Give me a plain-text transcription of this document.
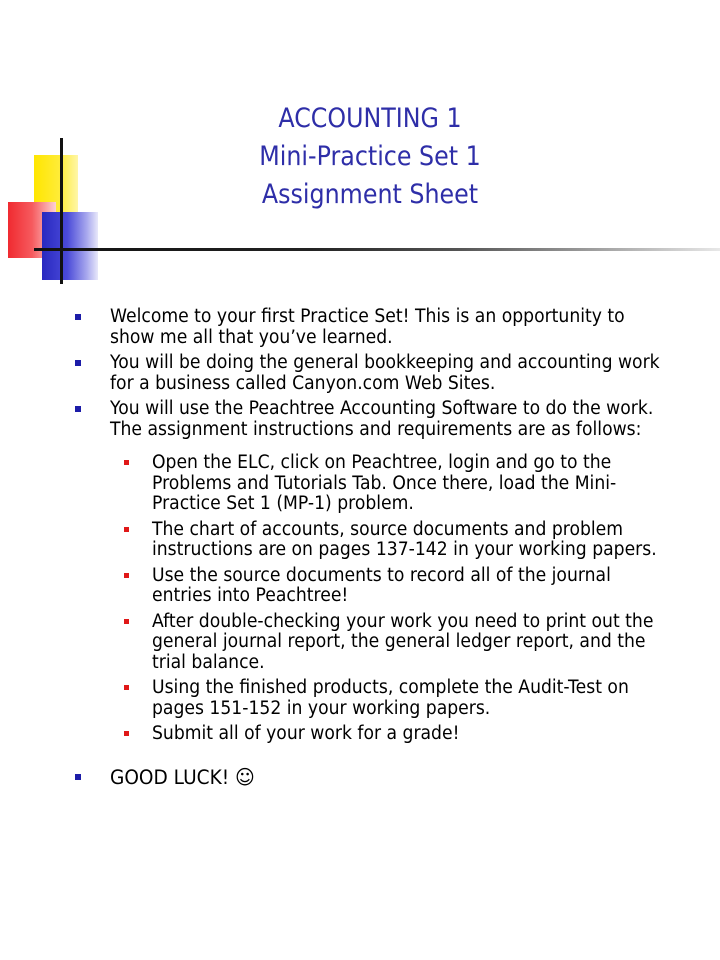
ACCOUNTING 1
Mini-Practice Set 1
Assignment Sheet
Welcome to your first Practice Set! This is an opportunity to show me all that you’ve learned.
You will be doing the general bookkeeping and accounting work for a business called Canyon.com Web Sites.
You will use the Peachtree Accounting Software to do the work. The assignment instructions and requirements are as follows:
Open the ELC, click on Peachtree, login and go to the Problems and Tutorials Tab. Once there, load the Mini-Practice Set 1 (MP-1) problem.
The chart of accounts, source documents and problem instructions are on pages 137-142 in your working papers.
Use the source documents to record all of the journal entries into Peachtree!
After double-checking your work you need to print out the general journal report, the general ledger report, and the trial balance.
Using the finished products, complete the Audit-Test on pages 151-152 in your working papers.
Submit all of your work for a grade!
GOOD LUCK! ☺
